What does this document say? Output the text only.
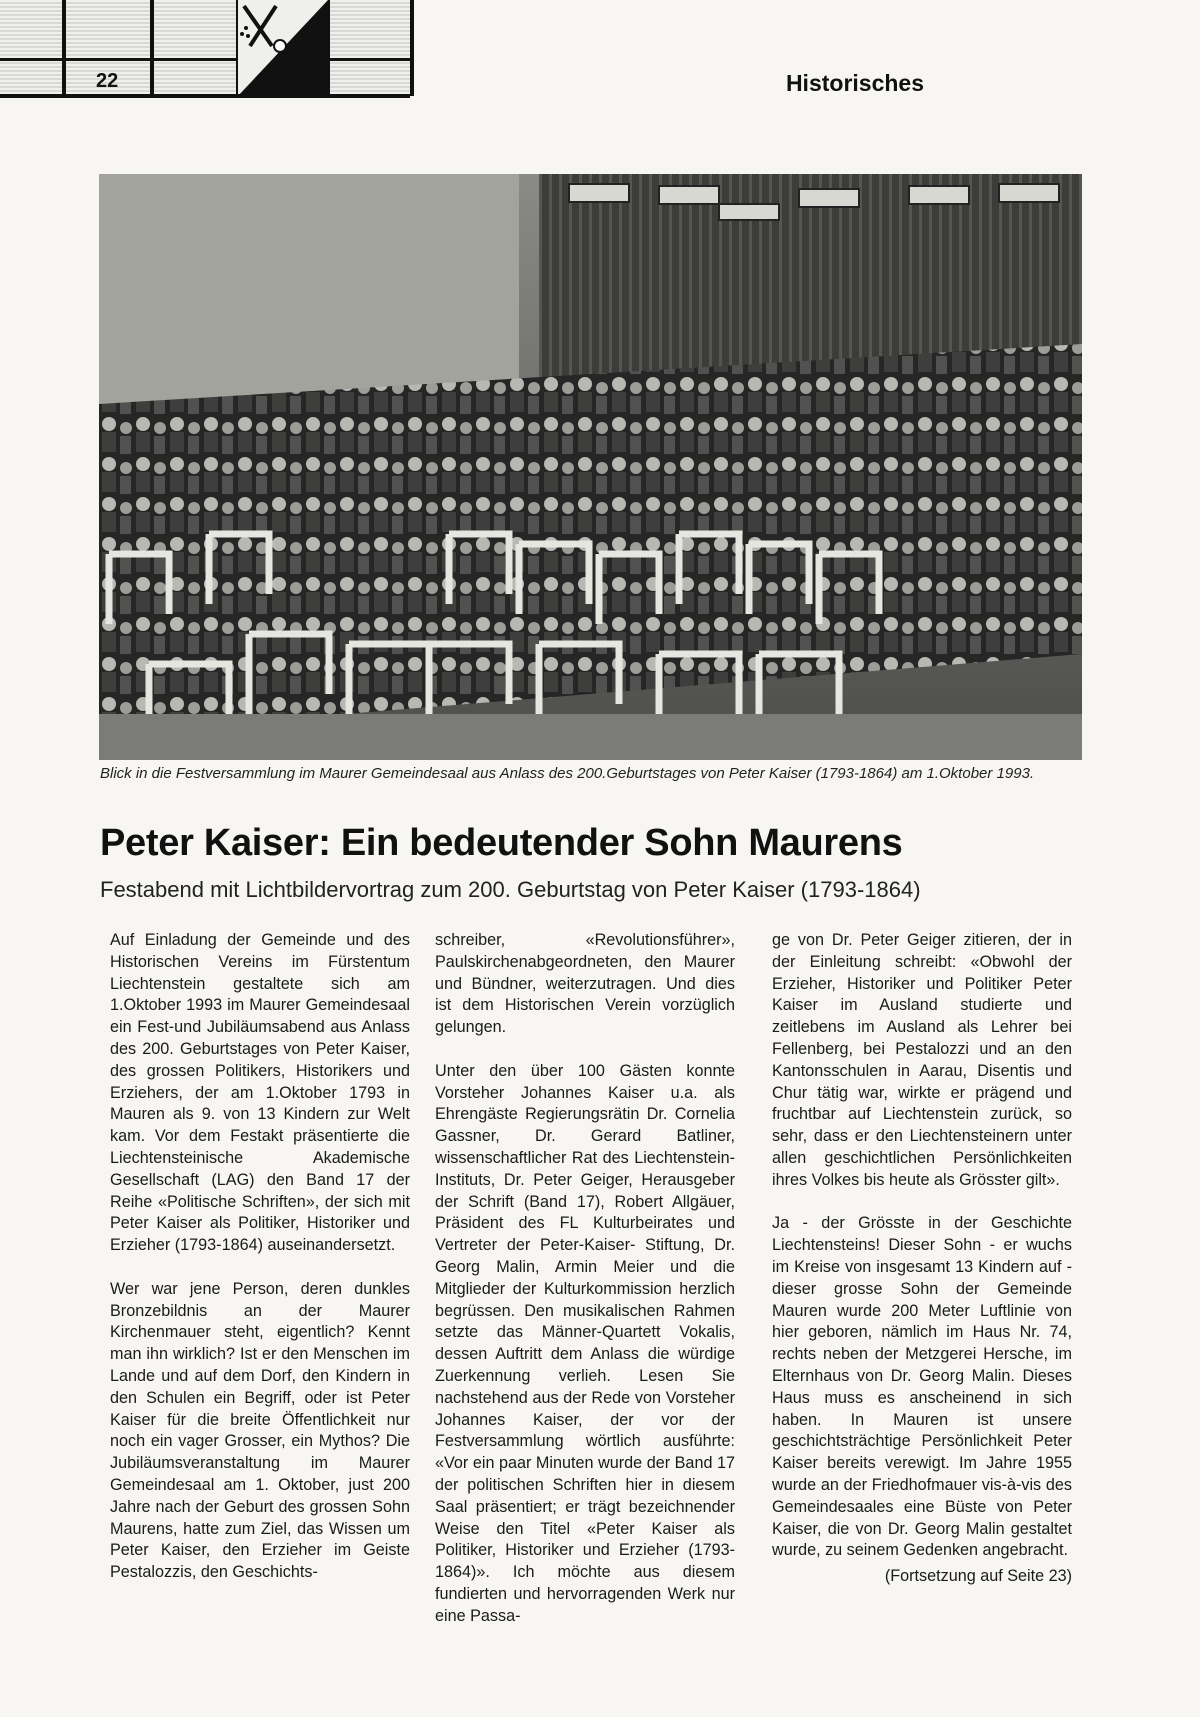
22	Historisches
Blick in die Festversammlung im Maurer Gemeindesaal aus Anlass des 200.Geburtstages von Peter Kaiser (1793-1864) am 1.Oktober 1993.
Peter Kaiser: Ein bedeutender Sohn Maurens
Festabend mit Lichtbildervortrag zum 200. Geburtstag von Peter Kaiser (1793-1864)

Auf Einladung der Gemeinde und des Historischen Vereins im Fürstentum Liechtenstein gestaltete sich am 1.Oktober 1993 im Maurer Gemeindesaal ein Fest-und Jubiläumsabend aus Anlass des 200. Geburtstages von Peter Kaiser, des grossen Politikers, Historikers und Erziehers, der am 1.Oktober 1793 in Mauren als 9. von 13 Kindern zur Welt kam. Vor dem Festakt präsentierte die Liechtensteinische Akademische Gesellschaft (LAG) den Band 17 der Reihe «Politische Schriften», der sich mit Peter Kaiser als Politiker, Historiker und Erzieher (1793-1864) auseinandersetzt.

Wer war jene Person, deren dunkles Bronzebildnis an der Maurer Kirchenmauer steht, eigentlich? Kennt man ihn wirklich? Ist er den Menschen im Lande und auf dem Dorf, den Kindern in den Schulen ein Begriff, oder ist Peter Kaiser für die breite Öffentlichkeit nur noch ein vager Grosser, ein Mythos? Die Jubiläumsveranstaltung im Maurer Gemeindesaal am 1. Oktober, just 200 Jahre nach der Geburt des grossen Sohn Maurens, hatte zum Ziel, das Wissen um Peter Kaiser, den Erzieher im Geiste Pestalozzis, den Geschichts-

schreiber, «Revolutionsführer», Paulskirchenabgeordneten, den Maurer und Bündner, weiterzutragen. Und dies ist dem Historischen Verein vorzüglich gelungen.

Unter den über 100 Gästen konnte Vorsteher Johannes Kaiser u.a. als Ehrengäste Regierungsrätin Dr. Cornelia Gassner, Dr. Gerard Batliner, wissenschaftlicher Rat des Liechtenstein-Instituts, Dr. Peter Geiger, Herausgeber der Schrift (Band 17), Robert Allgäuer, Präsident des FL Kulturbeirates und Vertreter der Peter-Kaiser- Stiftung, Dr. Georg Malin, Armin Meier und die Mitglieder der Kulturkommission herzlich begrüssen. Den musikalischen Rahmen setzte das Männer-Quartett Vokalis, dessen Auftritt dem Anlass die würdige Zuerkennung verlieh. Lesen Sie nachstehend aus der Rede von Vorsteher Johannes Kaiser, der vor der Festversammlung wörtlich ausführte: «Vor ein paar Minuten wurde der Band 17 der politischen Schriften hier in diesem Saal präsentiert; er trägt bezeichnender Weise den Titel «Peter Kaiser als Politiker, Historiker und Erzieher (1793-1864)». Ich möchte aus diesem fundierten und hervorragenden Werk nur eine Passa-

ge von Dr. Peter Geiger zitieren, der in der Einleitung schreibt: «Obwohl der Erzieher, Historiker und Politiker Peter Kaiser im Ausland studierte und zeitlebens im Ausland als Lehrer bei Fellenberg, bei Pestalozzi und an den Kantonsschulen in Aarau, Disentis und Chur tätig war, wirkte er prägend und fruchtbar auf Liechtenstein zurück, so sehr, dass er den Liechtensteinern unter allen geschichtlichen Persönlichkeiten ihres Volkes bis heute als Grösster gilt».

Ja - der Grösste in der Geschichte Liechtensteins! Dieser Sohn - er wuchs im Kreise von insgesamt 13 Kindern auf - dieser grosse Sohn der Gemeinde Mauren wurde 200 Meter Luftlinie von hier geboren, nämlich im Haus Nr. 74, rechts neben der Metzgerei Hersche, im Elternhaus von Dr. Georg Malin. Dieses Haus muss es anscheinend in sich haben. In Mauren ist unsere geschichtsträchtige Persönlichkeit Peter Kaiser bereits verewigt. Im Jahre 1955 wurde an der Friedhofmauer vis-à-vis des Gemeindesaales eine Büste von Peter Kaiser, die von Dr. Georg Malin gestaltet wurde, zu seinem Gedenken angebracht.

(Fortsetzung auf Seite 23)
